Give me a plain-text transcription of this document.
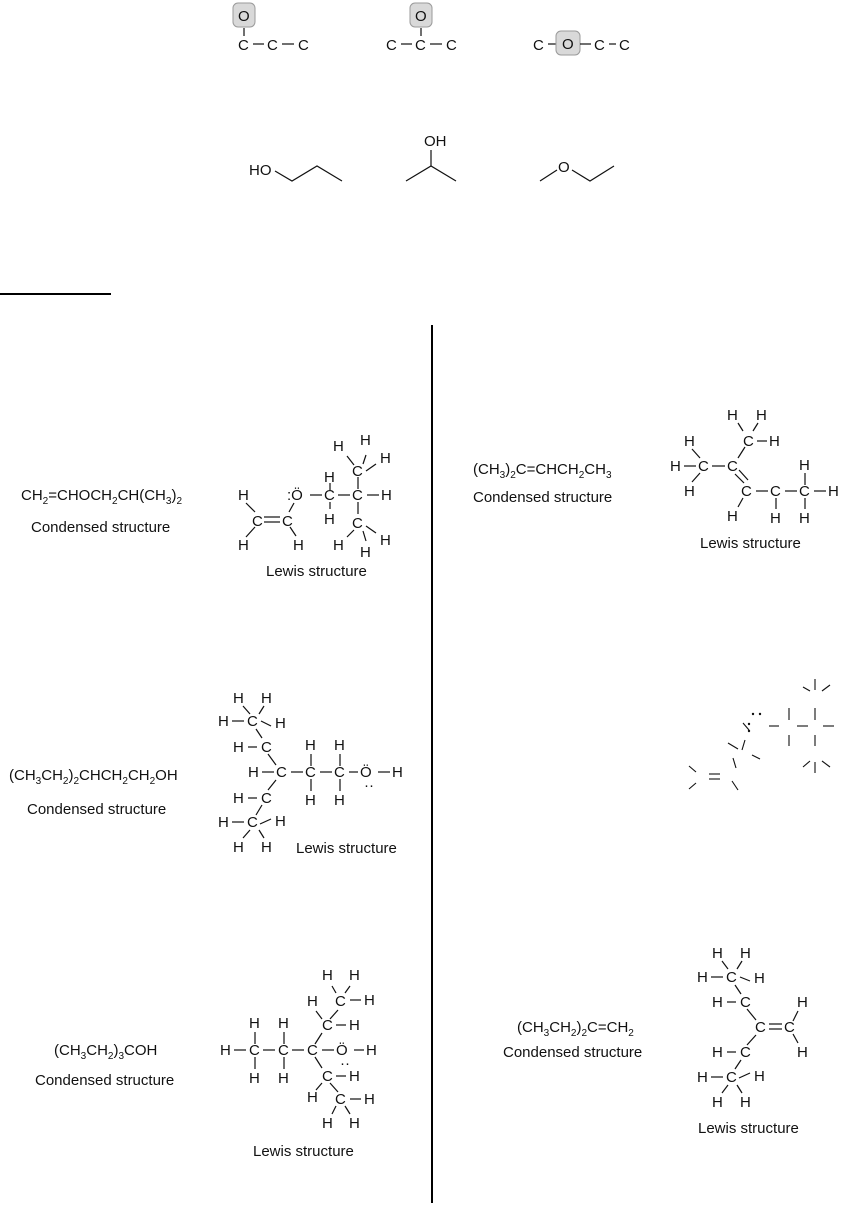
O
C C C
O
C C C	C O C C
HO
OH
O
$CH_2=CHOCH_2CH(CH_3)_2$
Condensed structure
Lewis structure
H
C C
H	H
:Ö C
H
H
C
C
H H
H
H
C
H H
H
$(CH_3)_2C=CHCH_2CH_3$
Condensed structure
Lewis structure
H H
C H
H
H C
H
C
C
H
C
H
C
H
H
H
$(CH_3CH_2)_2CHCH_2CH_2OH$
Condensed structure
Lewis structure
H H
H C H
H C
H C C
H
H
C
H
H
Ö
··
H
H C
H
H C
H H
$(CH_3CH_2)_3COH$
Condensed structure
Lewis structure
H C
H
H
C
H
H
C
C H
H C H
H H
Ö
··
H
C H
H C H
H H
$(CH_3CH_2)_2C=CH_2$
Condensed structure
Lewis structure
H H
H C H
H C
C C
H
H
H C
H
H C
H H
